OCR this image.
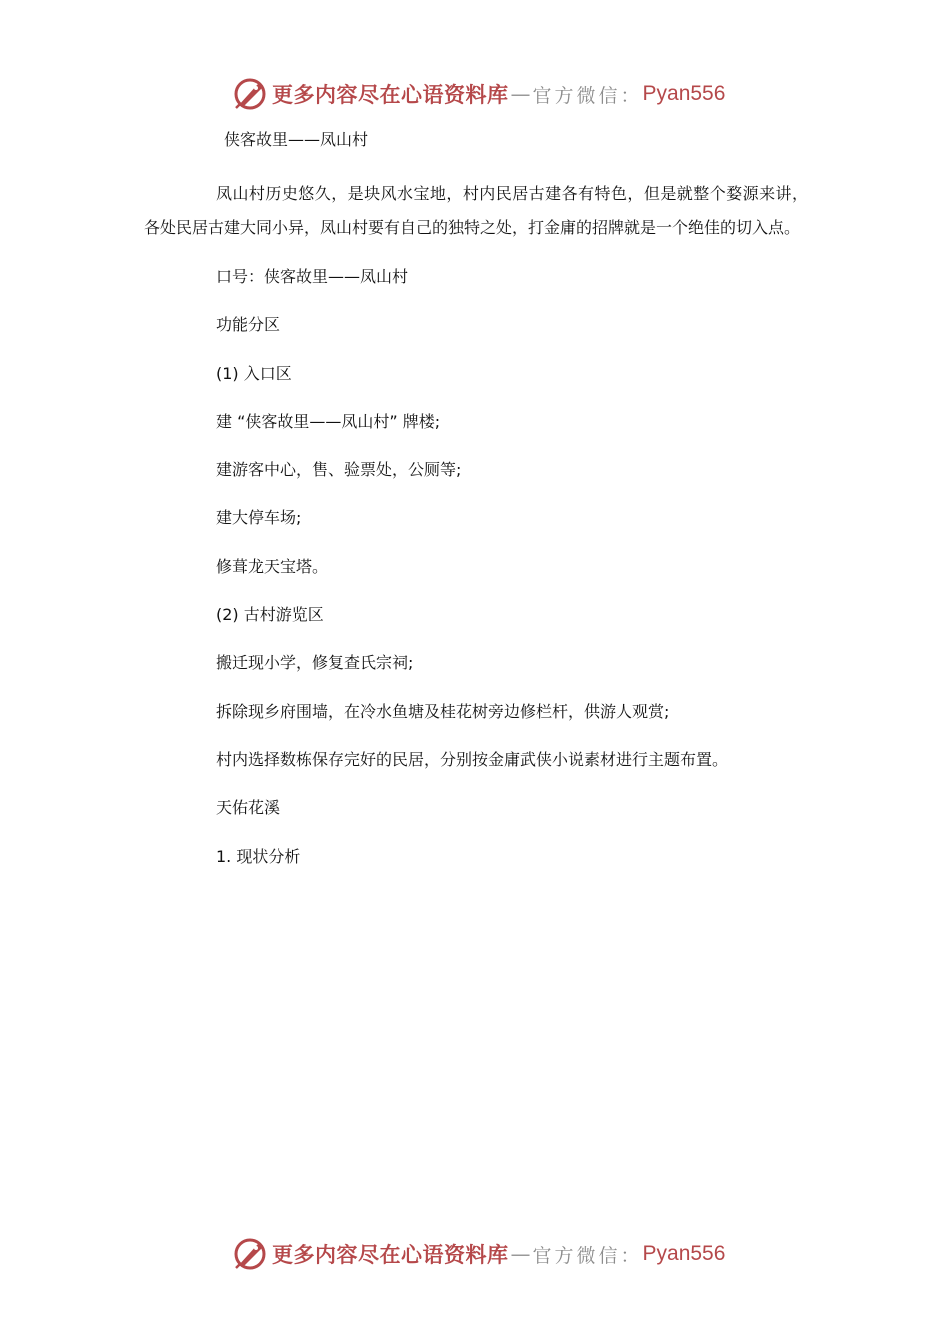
更多内容尽在心语资料库 — 官方微信： Pyan556
侠客故里——凤山村
凤山村历史悠久，是块风水宝地，村内民居古建各有特色，但是就整个婺源来讲， 各处民居古建大同小异，凤山村要有自己的独特之处，打金庸的招牌就是一个绝佳的切入点。
口号：侠客故里——凤山村
功能分区
(1) 入口区
建 “侠客故里——凤山村” 牌楼;
建游客中心，售、验票处，公厕等;
建大停车场;
修葺龙天宝塔。
(2) 古村游览区
搬迁现小学，修复查氏宗祠;
拆除现乡府围墙，在冷水鱼塘及桂花树旁边修栏杆，供游人观赏;
村内选择数栋保存完好的民居，分别按金庸武侠小说素材进行主题布置。
天佑花溪
1. 现状分析
更多内容尽在心语资料库 — 官方微信： Pyan556
